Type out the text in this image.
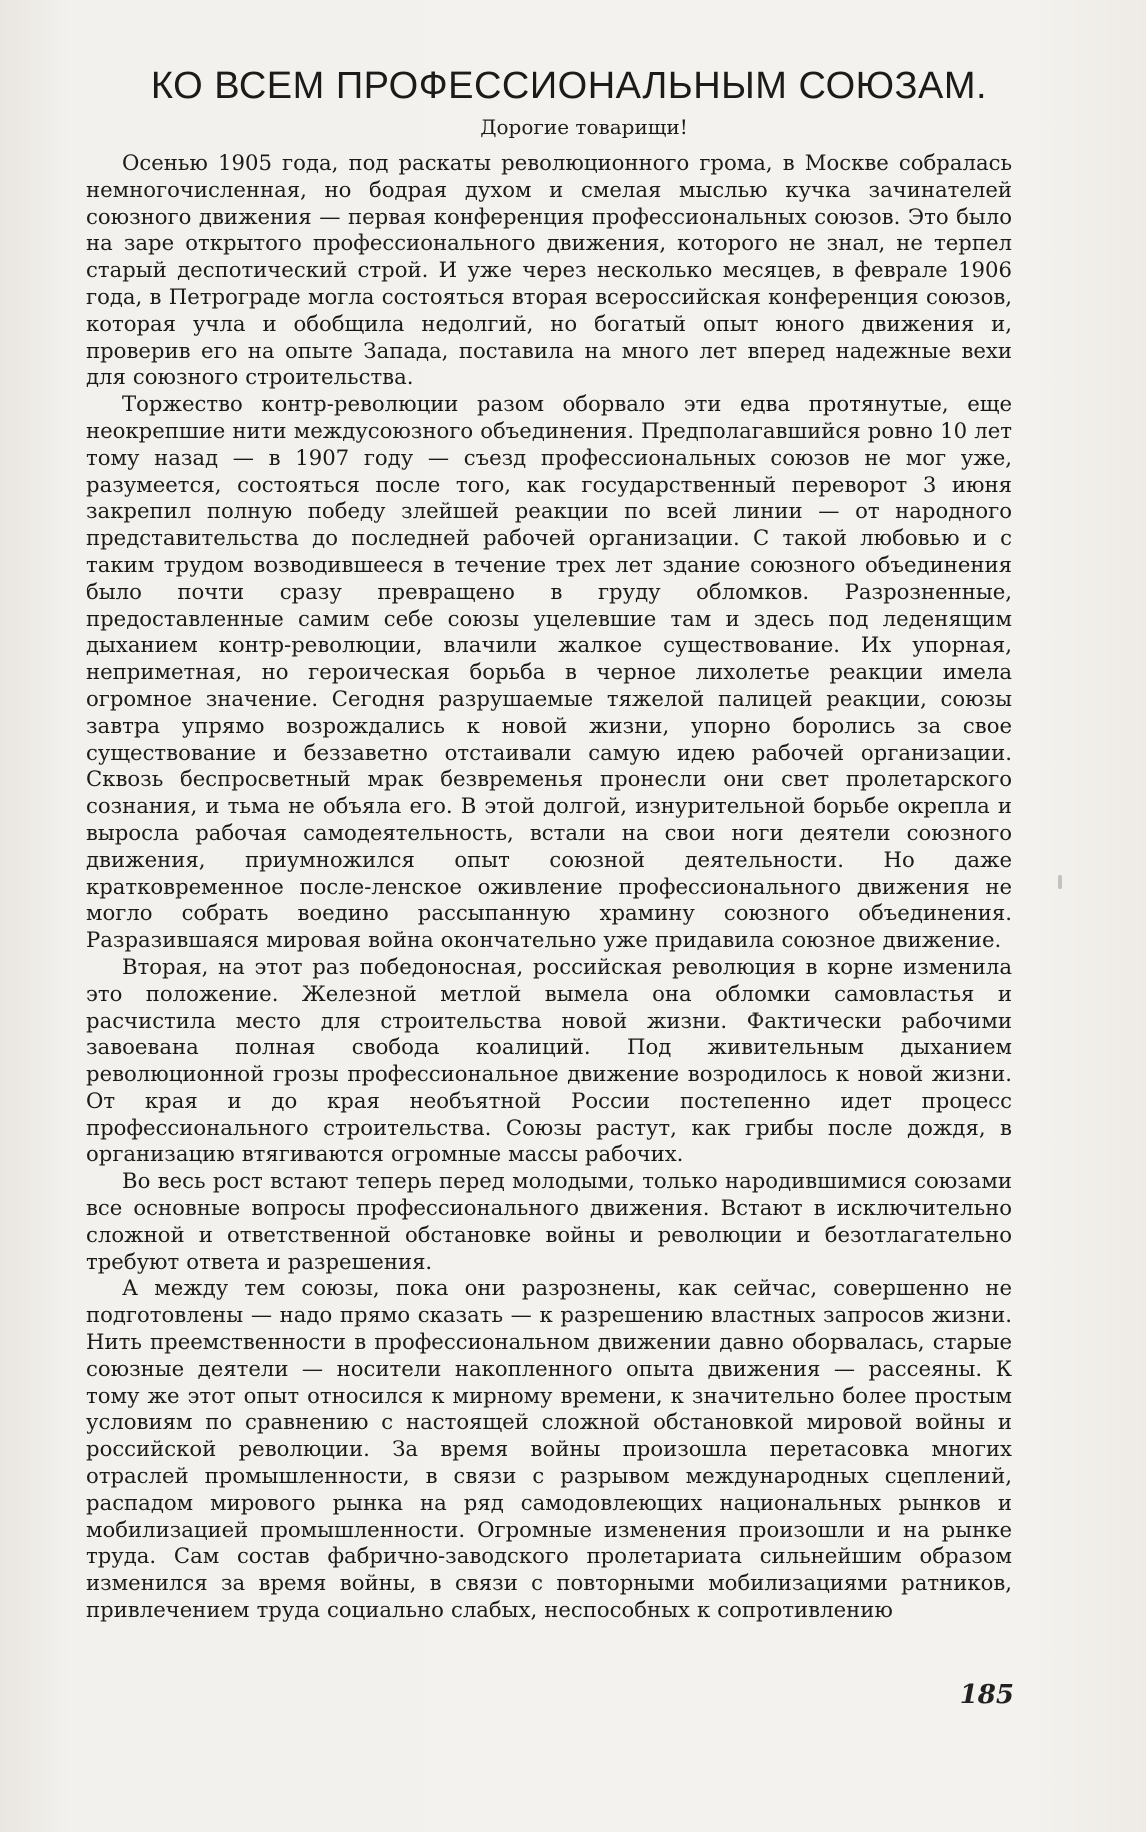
КО ВСЕМ ПРОФЕССИОНАЛЬНЫМ СОЮЗАМ.
Дорогие товарищи!

Осенью 1905 года, под раскаты революционного грома, в Москве собралась немногочисленная, но бодрая духом и смелая мыслью кучка зачинателей союзного движения — первая конференция профессиональных союзов. Это было на заре открытого профессионального движения, которого не знал, не терпел старый деспотический строй. И уже через несколько месяцев, в феврале 1906 года, в Петрограде могла состояться вторая всероссийская конференция союзов, которая учла и обобщила недолгий, но богатый опыт юного движения и, проверив его на опыте Запада, поставила на много лет вперед надежные вехи для союзного строительства.

Торжество контр-революции разом оборвало эти едва протянутые, еще неокрепшие нити междусоюзного объединения. Предполагавшийся ровно 10 лет тому назад — в 1907 году — съезд профессиональных союзов не мог уже, разумеется, состояться после того, как государственный переворот 3 июня закрепил полную победу злейшей реакции по всей линии — от народного представительства до последней рабочей организации. С такой любовью и с таким трудом возводившееся в течение трех лет здание союзного объединения было почти сразу превращено в груду обломков. Разрозненные, предоставленные самим себе союзы уцелевшие там и здесь под леденящим дыханием контр-революции, влачили жалкое существование. Их упорная, неприметная, но героическая борьба в черное лихолетье реакции имела огромное значение. Сегодня разрушаемые тяжелой палицей реакции, союзы завтра упрямо возрождались к новой жизни, упорно боролись за свое существование и беззаветно отстаивали самую идею рабочей организации. Сквозь беспросветный мрак безвременья пронесли они свет пролетарского сознания, и тьма не объяла его. В этой долгой, изнурительной борьбе окрепла и выросла рабочая самодеятельность, встали на свои ноги деятели союзного движения, приумножился опыт союзной деятельности. Но даже кратковременное после-ленское оживление профессионального движения не могло собрать воедино рассыпанную храмину союзного объединения. Разразившаяся мировая война окончательно уже придавила союзное движение.

Вторая, на этот раз победоносная, российская революция в корне изменила это положение. Железной метлой вымела она обломки самовластья и расчистила место для строительства новой жизни. Фактически рабочими завоевана полная свобода коалиций. Под живительным дыханием революционной грозы профессиональное движение возродилось к новой жизни. От края и до края необъятной России постепенно идет процесс профессионального строительства. Союзы растут, как грибы после дождя, в организацию втягиваются огромные массы рабочих.

Во весь рост встают теперь перед молодыми, только народившимися союзами все основные вопросы профессионального движения. Встают в исключительно сложной и ответственной обстановке войны и революции и безотлагательно требуют ответа и разрешения.

А между тем союзы, пока они разрознены, как сейчас, совершенно не подготовлены — надо прямо сказать — к разрешению властных запросов жизни. Нить преемственности в профессиональном движении давно оборвалась, старые союзные деятели — носители накопленного опыта движения — рассеяны. К тому же этот опыт относился к мирному времени, к значительно более простым условиям по сравнению с настоящей сложной обстановкой мировой войны и российской революции. За время войны произошла перетасовка многих отраслей промышленности, в связи с разрывом международных сцеплений, распадом мирового рынка на ряд самодовлеющих национальных рынков и мобилизацией промышленности. Огромные изменения произошли и на рынке труда. Сам состав фабрично-заводского пролетариата сильнейшим образом изменился за время войны, в связи с повторными мобилизациями ратников, привлечением труда социально слабых, неспособных к сопротивлению

185
